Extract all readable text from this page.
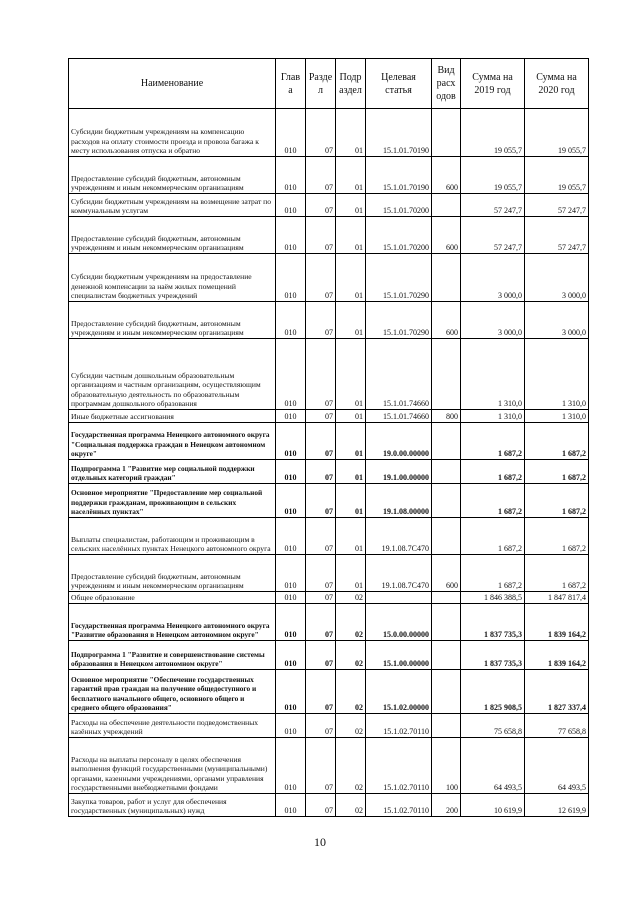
Наименование	Глав а	Разде л	Подр аздел	Целевая статья	Вид расх одов	Сумма на 2019 год	Сумма на 2020 год
Субсидии бюджетным учреждениям на компенсацию расходов на оплату стоимости проезда и провоза багажа к месту использования отпуска и обратно	010	07	01	15.1.01.70190		19 055,7	19 055,7
Предоставление субсидий бюджетным, автономным учреждениям и иным некоммерческим организациям	010	07	01	15.1.01.70190	600	19 055,7	19 055,7
Субсидии бюджетным учреждениям на возмещение затрат по коммунальным услугам	010	07	01	15.1.01.70200		57 247,7	57 247,7
Предоставление субсидий бюджетным, автономным учреждениям и иным некоммерческим организациям	010	07	01	15.1.01.70200	600	57 247,7	57 247,7
Субсидии бюджетным учреждениям на предоставление денежной компенсации за наём жилых помещений специалистам бюджетных учреждений	010	07	01	15.1.01.70290		3 000,0	3 000,0
Предоставление субсидий бюджетным, автономным учреждениям и иным некоммерческим организациям	010	07	01	15.1.01.70290	600	3 000,0	3 000,0
Субсидии частным дошкольным образовательным организациям и частным организациям, осуществляющим образовательную деятельность по образовательным программам дошкольного образования	010	07	01	15.1.01.74660		1 310,0	1 310,0
Иные бюджетные ассигнования	010	07	01	15.1.01.74660	800	1 310,0	1 310,0
Государственная программа Ненецкого автономного округа "Социальная поддержка граждан в Ненецком автономном округе"	010	07	01	19.0.00.00000		1 687,2	1 687,2
Подпрограмма 1 "Развитие мер социальной поддержки отдельных категорий граждан"	010	07	01	19.1.00.00000		1 687,2	1 687,2
Основное мероприятие "Предоставление мер социальной поддержки гражданам, проживающим в сельских населённых пунктах"	010	07	01	19.1.08.00000		1 687,2	1 687,2
Выплаты специалистам, работающим и проживающим в сельских населённых пунктах Ненецкого автономного округа	010	07	01	19.1.08.7С470		1 687,2	1 687,2
Предоставление субсидий бюджетным, автономным учреждениям и иным некоммерческим организациям	010	07	01	19.1.08.7С470	600	1 687,2	1 687,2
Общее образование	010	07	02			1 846 388,5	1 847 817,4
Государственная программа Ненецкого автономного округа "Развитие образования в Ненецком автономном округе"	010	07	02	15.0.00.00000		1 837 735,3	1 839 164,2
Подпрограмма 1 "Развитие и совершенствование системы образования в Ненецком автономном округе"	010	07	02	15.1.00.00000		1 837 735,3	1 839 164,2
Основное мероприятие "Обеспечение государственных гарантий прав граждан на получение общедоступного и бесплатного начального общего, основного общего и среднего общего образования"	010	07	02	15.1.02.00000		1 825 908,5	1 827 337,4
Расходы на обеспечение деятельности подведомственных казённых учреждений	010	07	02	15.1.02.70110		75 658,8	77 658,8
Расходы на выплаты персоналу в целях обеспечения выполнения функций государственными (муниципальными) органами, казенными учреждениями, органами управления государственными внебюджетными фондами	010	07	02	15.1.02.70110	100	64 493,5	64 493,5
Закупка товаров, работ и услуг для обеспечения государственных (муниципальных) нужд	010	07	02	15.1.02.70110	200	10 619,9	12 619,9
10
